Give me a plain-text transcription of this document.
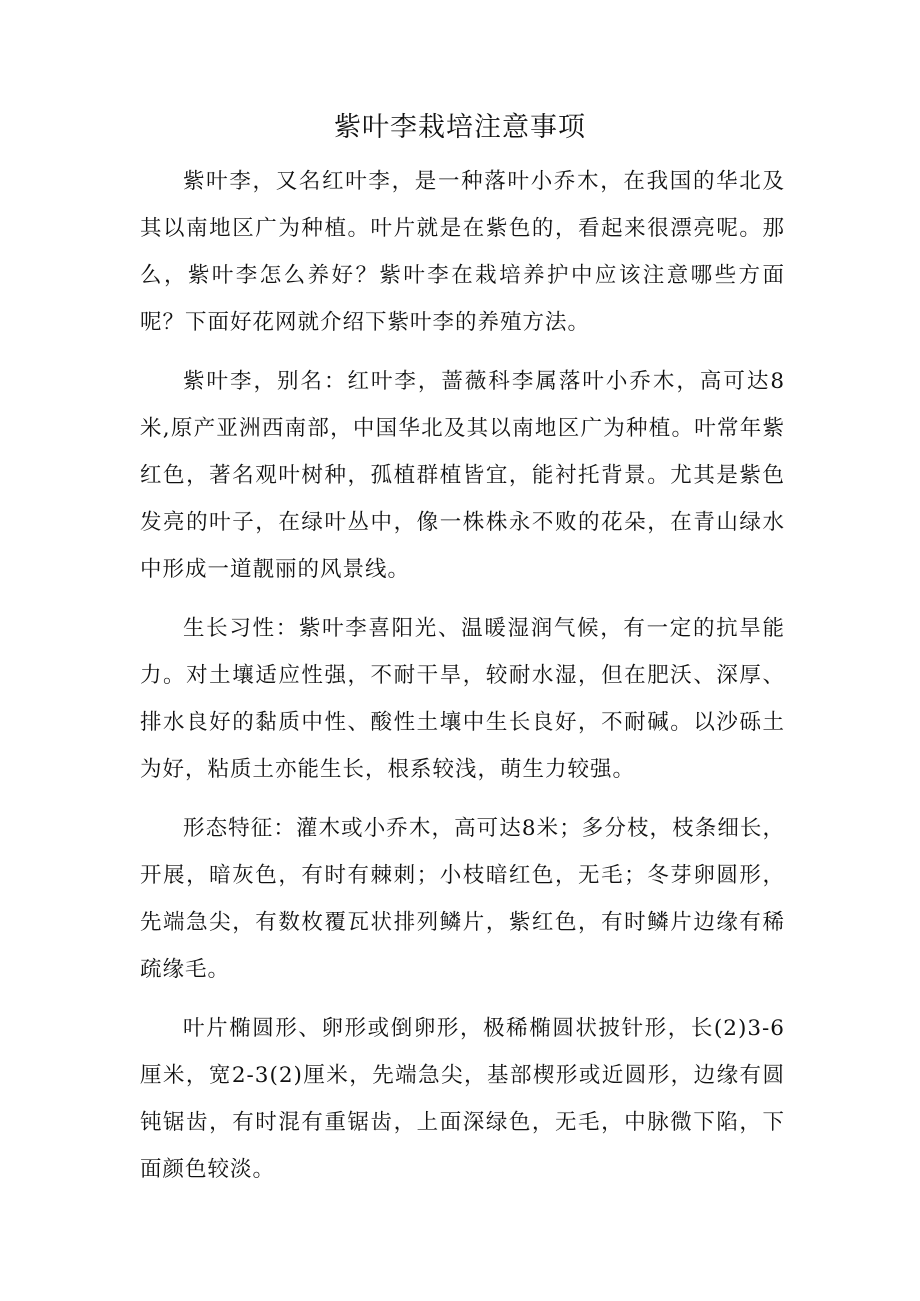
紫叶李栽培注意事项

紫叶李，又名红叶李，是一种落叶小乔木，在我国的华北及其以南地区广为种植。叶片就是在紫色的，看起来很漂亮呢。那么，紫叶李怎么养好？紫叶李在栽培养护中应该注意哪些方面呢？下面好花网就介绍下紫叶李的养殖方法。

紫叶李，别名：红叶李，蔷薇科李属落叶小乔木，高可达8米,原产亚洲西南部，中国华北及其以南地区广为种植。叶常年紫红色，著名观叶树种，孤植群植皆宜，能衬托背景。尤其是紫色发亮的叶子，在绿叶丛中，像一株株永不败的花朵，在青山绿水中形成一道靓丽的风景线。

生长习性：紫叶李喜阳光、温暖湿润气候，有一定的抗旱能力。对土壤适应性强，不耐干旱，较耐水湿，但在肥沃、深厚、排水良好的黏质中性、酸性土壤中生长良好，不耐碱。以沙砾土为好，粘质土亦能生长，根系较浅，萌生力较强。

形态特征：灌木或小乔木，高可达8米；多分枝，枝条细长，开展，暗灰色，有时有棘刺；小枝暗红色，无毛；冬芽卵圆形，先端急尖，有数枚覆瓦状排列鳞片，紫红色，有时鳞片边缘有稀疏缘毛。

叶片椭圆形、卵形或倒卵形，极稀椭圆状披针形，长(2)3-6厘米，宽2-3(2)厘米，先端急尖，基部楔形或近圆形，边缘有圆钝锯齿，有时混有重锯齿，上面深绿色，无毛，中脉微下陷，下面颜色较淡。
